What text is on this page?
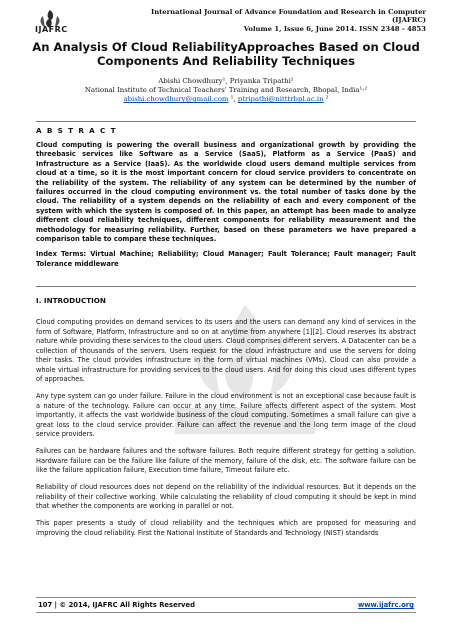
IJAFRC
International Journal of Advance Foundation and Research in Computer (IJAFRC)
Volume 1, Issue 6, June 2014. ISSN 2348 - 4853
An Analysis Of Cloud ReliabilityApproaches Based on Cloud
Components And Reliability Techniques
Abishi Chowdhury¹, Priyanka Tripathi²
National Institute of Technical Teachers' Training and Research, Bhopal, India¹˒²
abishi.chowdhury@gmail.com ¹, ptripathi@nitttrbpl.ac.in ²
A B S T R A C T

Cloud computing is powering the overall business and organizational growth by providing the threebasic services like Software as a Service (SaaS), Platform as a Service (PaaS) and Infrastructure as a Service (IaaS). As the worldwide cloud users demand multiple services from cloud at a time, so it is the most important concern for cloud service providers to concentrate on the reliability of the system. The reliability of any system can be determined by the number of failures occurred in the cloud computing environment vs. the total number of tasks done by the cloud. The reliability of a system depends on the reliability of each and every component of the system with which the system is composed of. In this paper, an attempt has been made to analyze different cloud reliability techniques, different components for reliability measurement and the methodology for measuring reliability. Further, based on these parameters we have prepared a comparison table to compare these techniques.

Index Terms: Virtual Machine; Reliability; Cloud Manager; Fault Tolerance; Fault manager; Fault Tolerance middleware

I. INTRODUCTION

Cloud computing provides on demand services to its users and the users can demand any kind of services in the form of Software, Platform, Infrastructure and so on at anytime from anywhere [1][2]. Cloud reserves its abstract nature while providing these services to the cloud users. Cloud comprises different servers. A Datacenter can be a collection of thousands of the servers. Users request for the cloud infrastructure and use the servers for doing their tasks. The cloud provides infrastructure in the form of virtual machines (VMs). Cloud can also provide a whole virtual infrastructure for providing services to the cloud users. And for doing this cloud uses different types of approaches.

Any type system can go under failure. Failure in the cloud environment is not an exceptional case because fault is a nature of the technology. Failure can occur at any time. Failure affects different aspect of the system. Most importantly, it affects the vast worldwide business of the cloud computing. Sometimes a small failure can give a great loss to the cloud service provider. Failure can affect the revenue and the long term image of the cloud service providers.

Failures can be hardware failures and the software failures. Both require different strategy for getting a solution. Hardware failure can be the failure like failure of the memory, failure of the disk, etc. The software failure can be like the failure application failure, Execution time failure, Timeout failure etc.

Reliability of cloud resources does not depend on the reliability of the individual resources. But it depends on the reliability of their collective working. While calculating the reliability of cloud computing it should be kept in mind that whether the components are working in parallel or not.

This paper presents a study of cloud reliability and the techniques which are proposed for measuring and improving the cloud reliability. First the National Institute of Standards and Technology (NIST) standards

107 | © 2014, IJAFRC All Rights Reserved	www.ijafrc.org
